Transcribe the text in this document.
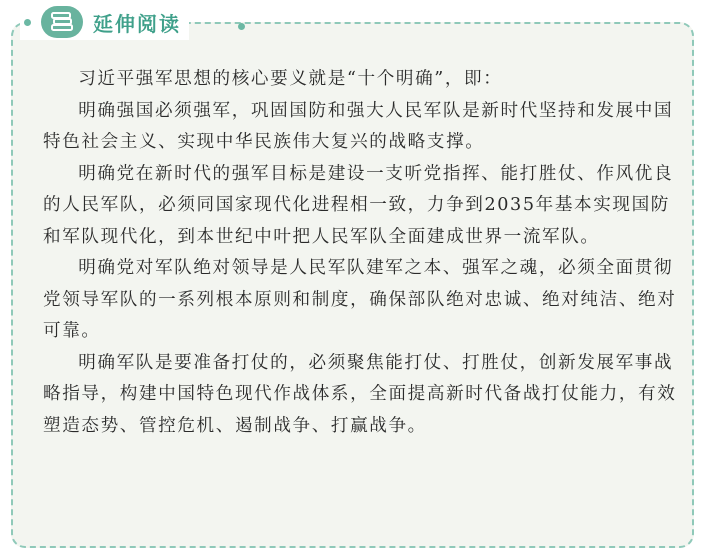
延伸阅读

习近平强军思想的核心要义就是“十个明确”，即：

明确强国必须强军，巩固国防和强大人民军队是新时代坚持和发展中国特色社会主义、实现中华民族伟大复兴的战略支撑。

明确党在新时代的强军目标是建设一支听党指挥、能打胜仗、作风优良的人民军队，必须同国家现代化进程相一致，力争到2035年基本实现国防和军队现代化，到本世纪中叶把人民军队全面建成世界一流军队。

明确党对军队绝对领导是人民军队建军之本、强军之魂，必须全面贯彻党领导军队的一系列根本原则和制度，确保部队绝对忠诚、绝对纯洁、绝对可靠。

明确军队是要准备打仗的，必须聚焦能打仗、打胜仗，创新发展军事战略指导，构建中国特色现代作战体系，全面提高新时代备战打仗能力，有效塑造态势、管控危机、遏制战争、打赢战争。
